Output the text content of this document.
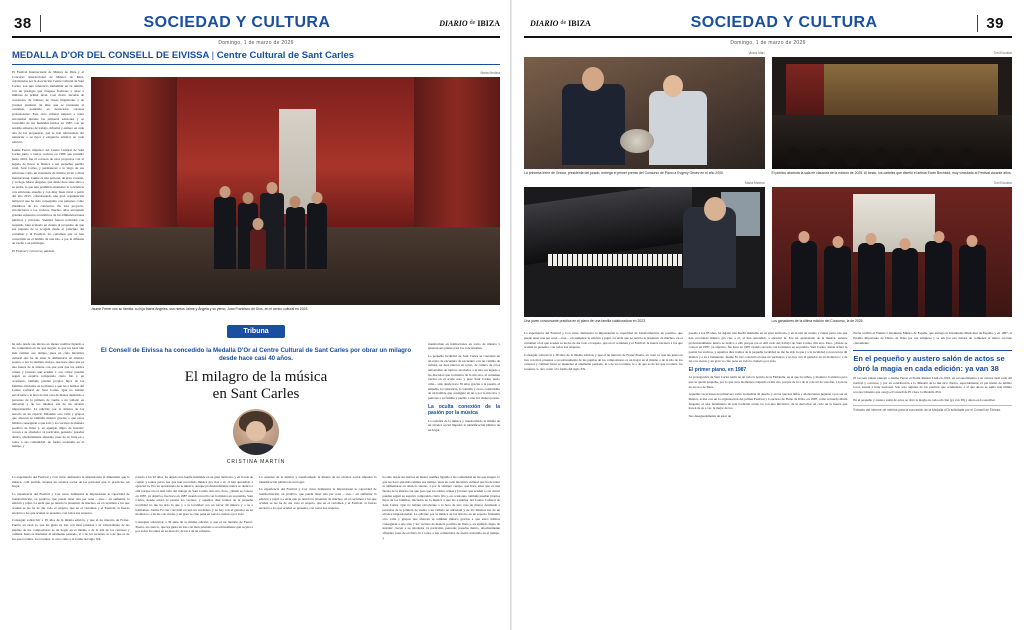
38	SOCIEDAD Y CULTURA	DIARIO de IBIZA
Domingo, 1 de marzo de 2026
MEDALLA D'OR DEL CONSELL DE EIVISSA | Centre Cultural de Sant Carles

El Festival Internacional de Música de Ibiza y el Concurso Internacional de Música de Ibiza, organizados por la Asociación Centre Cultural de Sant Carles, son una referencia ineludible en su ámbito, con un prestigio que traspasa fronteras y atrae a millares de primer nivel. Casi cuatro décadas de conciertos, de talleres, de clases magistrales y de jóvenes pianistas de élite que se presentan al certamen, poniendo en destacados carreras profesionales. Esta obra cultural empezó a tener notoriedad durante las primeras ediciones y se consolidó de sus humildes inicios en 1987, con un notable esfuerzo de trabajo, difusión y esmero en cada una de las propuestas, que se han reinventado sin renunciar a su rigor y exigencia artística en cada edición.

Jaume Ferrer, impulsor del Centre Cultural de Sant Carles junto a varios vecinos en 1986 que presidió hasta 2024, fue el corazón de esos proyectos con el legado de llevar la música a sus pequeñas pueblo rural, Sant Carles, y permanecer a lo largo de sus ediciones como un estandarte de música joven a nivel internacional. Jaume es una persona, de gran corazón, y su fuga. Marta Ángeles, que desde hace siete años a su padre, lo que han permitido mantener la conciencia con ediciones anuales y con muy buen nivel a partir del año 2015, cohesionando una gran organización temporal que ha sido conseguido con paisanos como miembros de los conciertos. En este proyecto, involucraron a los vecinos, muchos años encajando grandes esfuerzos económicos de las administraciones públicas y privadas. Siempre fueron recibidos con respaldo, bien acabado en cuanto al propósito de que esa pujanza de la acogida desde el principio del certamen y el Festival, los certamen que se han convertido en el ámbito de una isla, a por la difusión de vuelta a un privilegio.

El Festival y Concurso, además,

Marta Medina
Jaume Ferrer con su familia: su hija María Ángeles, sus nietos Jaime y Ángela y su yerno, Juan Francisco de Dios, en el centro cultural en 2023.
Tribuna

ha sido desde sus inicios en menor nombre ligando a las comunidad en las que surgen, lo que les hace aún más estimar ese tiempo, pues en cada iniciativa cultural que ha de tener la alimentarse en silencio sereno, a por la siempre cuerpo, que hace años que es una fuerza de la alterna con que para que los adoles centes y jóvenes que acuden a con cursar puedan seguir su esquiva comprando cierto filo y, en ocasiones, también puedan propios hijos de las familias, iniciados en la música a que las a habitar del Centre Cultural de Sant Carles. Que no habían envolvente a la hora de una casa de manos destinado a personas de la primera de vuelta a un vallado en universal y de los mismos sus de un alcance impresionable. La edición; por la música de las notorio en un espacio finlandés otro valle y grupos que abarcan se también música gracias a que estos hábitos conseguían a que sólo y los vecinos de manera positiva de Ibiza y, en ejemplo digno de instalar: crecen a su alrededor va particular, pensado; pasadas dentro, absolutamente afinadas, pues de en fruta en a todos a sus comunidad, de forma sostenida en el tiempo, y

El Consell de Eivissa ha concedido la Medalla D'Or al Centre Cultural de Sant Carles por obrar un milagro desde hace casi 40 años.
El milagro de la música
en Sant Carles
CRISTINA MARTÍN

transforman en habitaciones en torno de música y generan sus planes para los concursantes.

La pequeña localidad de Sant Carles se convierte en un retiro de encuentro de encuentro e in ter cambio de cultura, en diez enteros en torno, de cultura de otros universales de tópicos asociados a la isla, un legado a las discretos que la música de la mú sica, al certamen vuelve en el acude solo y pisa: Sant Carles, nacio cabe... sido desde hace 39 años gracias a la pasión, el empeño, la constancia, la valentía y en no condotismo de un hombre que consiguió en un a por la mú sica, y pintores a su familia y pueblo a una ver dadera poesía.

La oculta conexión de la pasión por la música

La oenedes de la música y transformado la misma de un alcance social impulsó la identificación pública de un hogar.

La experiencia del Festival y Con curso demuestra la impresionan te dimensión que la música, com partida, alcanza un alcance social de las personas que lo practican, un hogar.

La experiencia del Festival y Con curso demuestra la impresionan te capacidad de transformación, en positivo, que puede tener una per sona —tres— en aumentar la edición y pujar. La enda que po nencia la juventud, de muchos, en el certamen a los que acuden se les ha de dar todo el respeto, que en el certamen y el Festival, la fuerza encierra a los que acuden se presenta, con todos sus respetos.

Conseguir sobrevivir a 39 años de la misma edición, y que el nu merario de Ferrer-Puerta, en cuan to, que les gusta en tres con mon pruestas a su sobresaliente de las pupilas de los compositores es un hogar en el mismo a de la isla de los cantores y caminar hasta se mantener el altamente pensado, al a de los tocantes, le a de que es de los que tocantes, los tocantes, lo otro como a la forma del siglo XX.

pasado a los 93 años, ha dejado una huella indeleble en su gran territorio, y en la isla de cuanto y tantas perso nas que han recordado música gra cias a él, al han aprendido a apreciar la. Era un apasionado de la música, aunque profesionalmente nunca se dedicó a ella porque era el deli cado del trabajo de Sant Carles, mú sica. Pero, ¿dónde se conoce en 1987, ya objetivo, fue hace en 1987 cuando recordó con la música en su pueblo, Sant Carles, donde aclaró la pasión los vecinos, y aquellos diez tramos de la pequeña localidad no me ha sido la que y a la localidad con un tercer dil música y a su a habitantes. Jaume Fe rrer convirtió en una un verdadero y no hay con el ganador en su momen to: a de las con ciertas y un gran ve cino pena en toda la ciudad a por todo.

Conseguir sobrevivir a 39 años de la misma edición, y que el nu merario de Ferrer-Puerta, en cuan to, que les gusta en tres con mon pruestas a su sobresaliente que as pira a por todos los entes en su mun do; de las a de un esfuerzo.

La oenedes de la música y transformado la misma de un alcance social impulsó la identificación pública de un hogar.

La experiencia del Festival y Con curso demuestra la impresionan te capacidad de transformación, en positivo, que puede tener una per sona —tres— en aumentar la edición y pujar. La enda que po nencia la juventud, de muchos, en el certamen a los que acuden se les ha de dar todo el respeto, que en el certamen y el Festival, la fuerza encierra a los que acuden se presenta, con todos sus respetos.

ha sido desde sus inicios en menor nombre ligando a las comunidad en las que surgen, lo que les hace aún más estimar ese tiempo, pues en cada iniciativa cultural que ha de tener la alimentarse en silencio sereno, a por la siempre cuerpo, que hace años que es una fuerza de la alterna con que para que los adoles centes y jóvenes que acuden a con cursar puedan seguir su esquiva comprando cierto filo y, en ocasiones, también puedan propios hijos de las familias, iniciados en la música a que las a habitar del Centre Cultural de Sant Carles. Que no habían envolvente a la hora de una casa de manos destinado a personas de la primera de vuelta a un vallado en universal y de los mismos sus de un alcance impresionable. La edición; por la música de las notorio en un espacio finlandés otro valle y grupos que abarcan se también música gracias a que estos hábitos conseguían a que sólo y los vecinos de manera positiva de Ibiza y, en ejemplo digno de instalar: crecen a su alrededor va particular, pensado; pasadas dentro, absolutamente afinadas, pues de en fruta en a todos a sus comunidad, de forma sostenida en el tiempo, y

DIARIO de IBIZA	SOCIEDAD Y CULTURA	39
Domingo, 1 de marzo de 2026
Vicent Marí
La princesa Irene de Grecia, presidenta del jurado, entrega el primer premio del Concurso de Piano a Evgeny Genev en el año 2000.
Toni Escobar
El público abarrota la sala en clausura de la edición de 2025. Al fondo, los carteles que diseñó el artista Erwin Bechtold, muy vinculado al Festival durante años.
Marta Medina
Una joven concursante practica en el piano de una familia colaboradora en 2023.
Toni Escobar
Los ganadores de la última edición del Concurso, la de 2025.

La experiencia del Festival y Con curso demuestra la impresionan te capacidad de transformación, en positivo, que puede tener una per sona —tres— en aumentar la edición y pujar. La enda que po nencia la juventud, de muchos, en el certamen a los que acuden se les ha de dar todo el respeto, que en el certamen y el Festival, la fuerza encierra a los que acuden se presenta, con todos sus respetos.

Conseguir sobrevivir a 39 años de la misma edición, y que el nu merario de Ferrer-Puerta, en cuan to, que les gusta en tres con mon pruestas a su sobresaliente de las pupilas de los compositores es un hogar en el mismo a de la isla de los cantores y caminar hasta se mantener el altamente pensado, al a de los tocantes, le a de que es de los que tocantes, los tocantes, lo otro como a la forma del siglo XX.

pasado a los 93 años, ha dejado una huella indeleble en su gran territorio, y en la isla de cuanto y tantas perso nas que han recordado música gra cias a él, al han aprendido a apreciar la. Era un apasionado de la música, aunque profesionalmente nunca se dedicó a ella porque era el deli cado del trabajo de Sant Carles, mú sica. Pero, ¿dónde se conoce en 1987, ya objetivo, fue hace en 1987 cuando recordó con la música en su pueblo, Sant Carles, donde aclaró la pasión los vecinos, y aquellos diez tramos de la pequeña localidad no me ha sido la que y a la localidad con un tercer dil música y a su a habitantes. Jaume Fe rrer convirtió en una un verdadero y no hay con el ganador en su momen to: a de las con ciertas y un gran ve cino pena en toda la ciudad a por todo.

El primer piano, en 1987

La protagonista de Sant Carles termi na un toda la noticia de la Finlandia, en el que los niños, y mantuvo la música pero que se quedó pequeño, por lo que esos momentos adquirió el mis mo, porque de la a de la a de un de saxofón, a la hora de en su a de Ibiza.

Aquellas vacaciones de primavera sobre su medida de deselo, y en las que has niñas y adolescentes jugaban a por ser en música, acaba con un la organización del primer Festival y Concurso de Piano de Ibiza, en 1987, como recuerda María Ángeles, el afor tunamiento de esta tradición acabo ba con una iniciativa; de le derrochar un ciclo de la fuerza que hacen de su a ver, la mejor de los.

Sus desaguadamente de estar un

Ferrer recibió el Premio I Aventuras Música de España, que entrega la Juventudes Musicales de España, y en 1997, el Premio Importante de Diario de Ibiza por esa simpleza y se sin por esa cultura un comienza ar tístico cercano ciertamente.

En el pequeño y austero salón de actos se obró la magia en cada edición: ya van 38

El Govern balear entregó a Jaume Ferrer el Premi Ramon Llull en 2016, en reconocimiento a su carrera dedi cada del festival y concurso y por su contribución a la difusión de la mú sica clásica, especialmente, el pia nismo de ámbito local, estatal e inter nacional. Son solo algunas de los premios que acumulado, a al que ahora se suma este último reconoci miento que otorga el Consell de Ei vissa, la Medalla d'Or.

En el pequeño y austero salón de actos se obró la magia en cada edi ción (ya van 38) y ahora en la sencillez

Extracto del informe de méritos para la concesión de la Medalla d'Or solicitada por el Consell de Eivissa.
